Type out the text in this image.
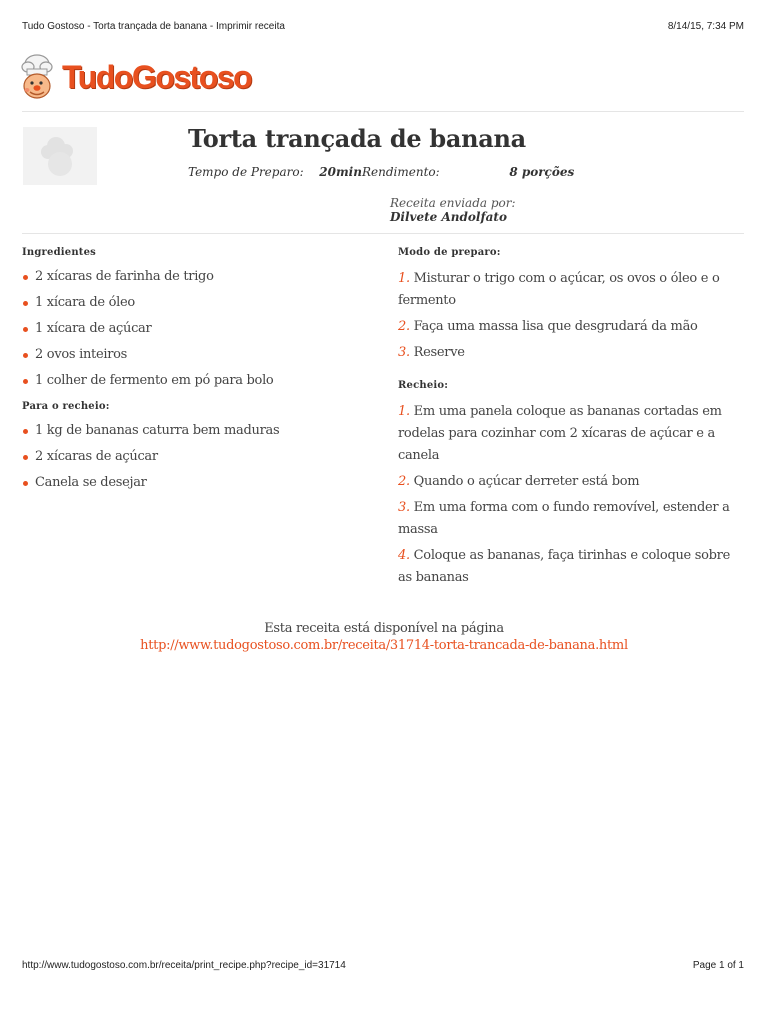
Tudo Gostoso - Torta trançada de banana - Imprimir receita	8/14/15, 7:34 PM
TudoGostoso
Torta trançada de banana
Tempo de Preparo: 20minRendimento:	8 porções
Receita enviada por:
Dilvete Andolfato
Ingredientes
2 xícaras de farinha de trigo
1 xícara de óleo
1 xícara de açúcar
2 ovos inteiros
1 colher de fermento em pó para bolo
Para o recheio:
1 kg de bananas caturra bem maduras
2 xícaras de açúcar
Canela se desejar
Modo de preparo:
1. Misturar o trigo com o açúcar, os ovos o óleo e o fermento
2. Faça uma massa lisa que desgrudará da mão
3. Reserve
Recheio:
1. Em uma panela coloque as bananas cortadas em rodelas para cozinhar com 2 xícaras de açúcar e a canela
2. Quando o açúcar derreter está bom
3. Em uma forma com o fundo removível, estender a massa
4. Coloque as bananas, faça tirinhas e coloque sobre as bananas
Esta receita está disponível na página
http://www.tudogostoso.com.br/receita/31714-torta-trancada-de-banana.html
http://www.tudogostoso.com.br/receita/print_recipe.php?recipe_id=31714	Page 1 of 1
